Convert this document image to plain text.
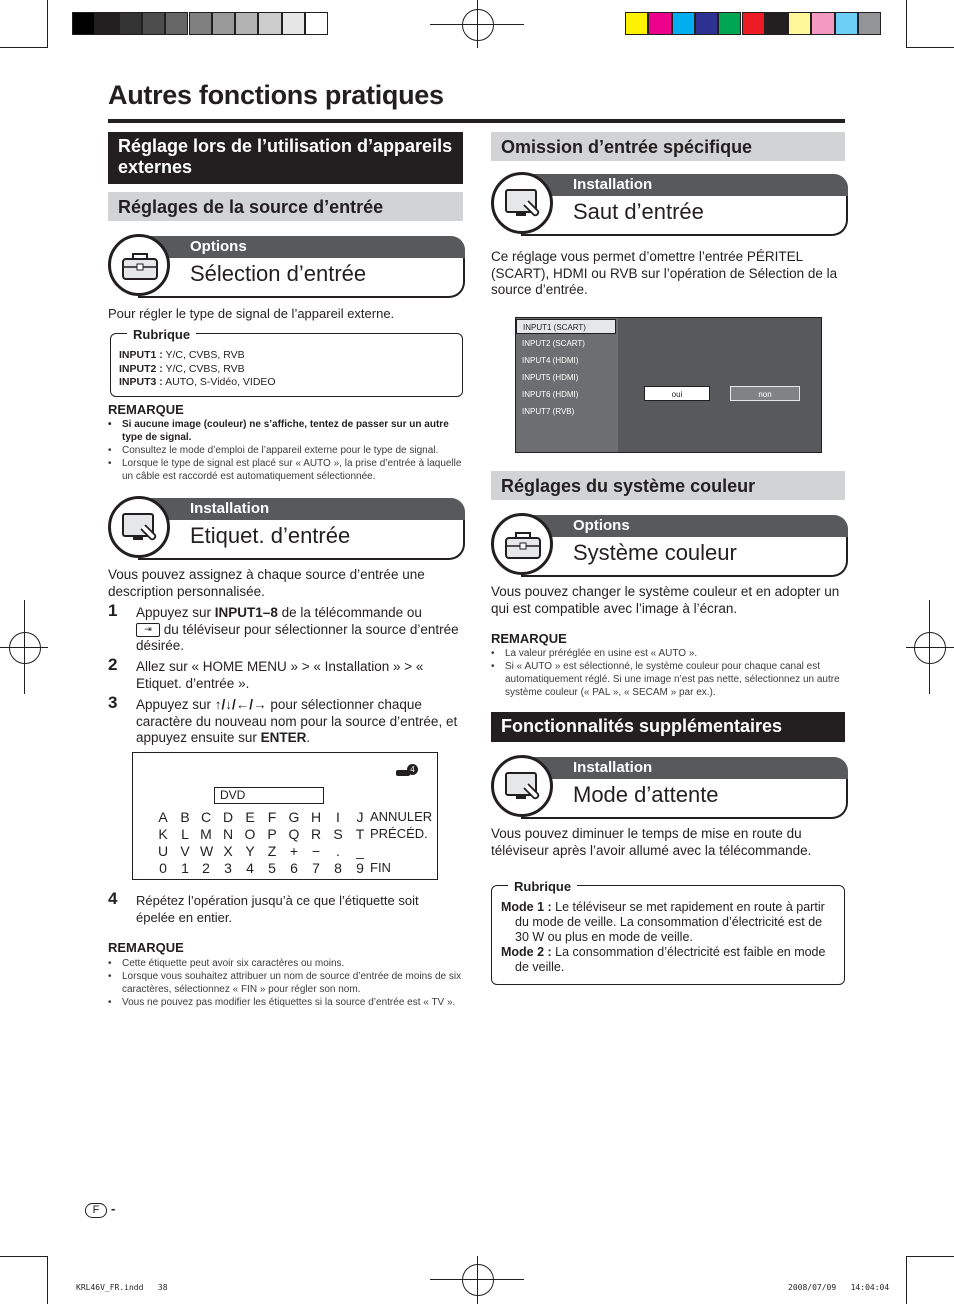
Autres fonctions pratiques
Réglage lors de l’utilisation d’appareils externes
Réglages de la source d’entrée
Options
Sélection d’entrée
Pour régler le type de signal de l’appareil externe.
Rubrique
INPUT1 : Y/C, CVBS, RVB
INPUT2 : Y/C, CVBS, RVB
INPUT3 : AUTO, S-Vidéo, VIDEO
REMARQUE
• Si aucune image (couleur) ne s’affiche, tentez de passer sur un autre type de signal.
• Consultez le mode d’emploi de l’appareil externe pour le type de signal.
• Lorsque le type de signal est placé sur « AUTO », la prise d’entrée à laquelle un câble est raccordé est automatiquement sélectionnée.
Installation
Etiquet. d’entrée
Vous pouvez assignez à chaque source d’entrée une description personnalisée.
1 Appuyez sur INPUT1–8 de la télécommande ou
⇥ du téléviseur pour sélectionner la source d’entrée désirée.
2 Allez sur « HOME MENU » > « Installation » > « Etiquet. d’entrée ».
3 Appuyez sur ↑/↓/←/→ pour sélectionner chaque caractère du nouveau nom pour la source d’entrée, et appuyez ensuite sur ENTER.
DVD
4
A B C D E F G H I J ANNULER
K L M N O P Q R S T PRÉCÉD.
U V W X Y Z + − . _
0 1 2 3 4 5 6 7 8 9 FIN
4 Répétez l’opération jusqu’à ce que l’étiquette soit épelée en entier.
REMARQUE
• Cette étiquette peut avoir six caractères ou moins.
• Lorsque vous souhaitez attribuer un nom de source d’entrée de moins de six caractères, sélectionnez « FIN » pour régler son nom.
• Vous ne pouvez pas modifier les étiquettes si la source d’entrée est « TV ».
Omission d’entrée spécifique
Installation
Saut d’entrée
Ce réglage vous permet d’omettre l’entrée PÉRITEL (SCART), HDMI ou RVB sur l’opération de Sélection de la source d’entrée.
INPUT1 (SCART)
INPUT2 (SCART)
INPUT4 (HDMI)
INPUT5 (HDMI)
INPUT6 (HDMI)
INPUT7 (RVB)
oui	non
Réglages du système couleur
Options
Système couleur
Vous pouvez changer le système couleur et en adopter un qui est compatible avec l’image à l’écran.
REMARQUE
• La valeur préréglée en usine est « AUTO ».
• Si « AUTO » est sélectionné, le système couleur pour chaque canal est automatiquement réglé. Si une image n’est pas nette, sélectionnez un autre système couleur (« PAL », « SECAM » par ex.).
Fonctionnalités supplémentaires
Installation
Mode d’attente
Vous pouvez diminuer le temps de mise en route du téléviseur après l’avoir allumé avec la télécommande.
Rubrique
Mode 1 : Le téléviseur se met rapidement en route à partir du mode de veille. La consommation d’électricité est de 30 W ou plus en mode de veille.
Mode 2 : La consommation d’électricité est faible en mode de veille.
F -
KRL46V_FR.indd   38	2008/07/09   14:04:04
